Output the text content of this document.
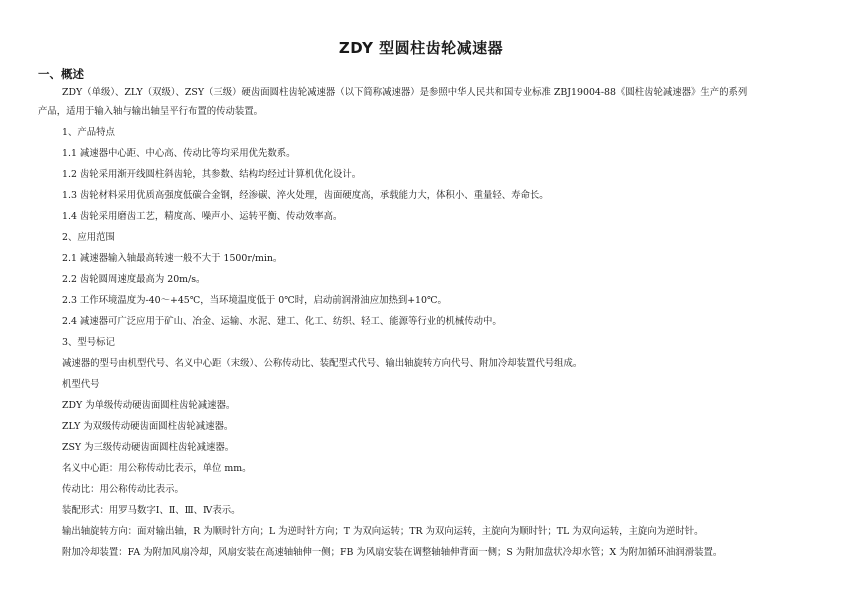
ZDY 型圆柱齿轮减速器
一、概述
ZDY（单级）、ZLY（双级）、ZSY（三级）硬齿面圆柱齿轮减速器（以下简称减速器）是参照中华人民共和国专业标准 ZBJ19004-88《圆柱齿轮减速器》生产的系列
产品，适用于输入轴与输出轴呈平行布置的传动装置。
1、产品特点
1.1 减速器中心距、中心高、传动比等均采用优先数系。
1.2 齿轮采用渐开线圆柱斜齿轮，其参数、结构均经过计算机优化设计。
1.3 齿轮材料采用优质高强度低碳合金钢，经渗碳、淬火处理，齿面硬度高，承载能力大，体积小、重量轻、寿命长。
1.4 齿轮采用磨齿工艺，精度高、噪声小、运转平衡、传动效率高。
2、应用范围
2.1 减速器输入轴最高转速一般不大于 1500r/min。
2.2 齿轮圆周速度最高为 20m/s。
2.3 工作环境温度为-40～+45℃，当环境温度低于 0℃时，启动前润滑油应加热到+10℃。
2.4 减速器可广泛应用于矿山、冶金、运输、水泥、建工、化工、纺织、轻工、能源等行业的机械传动中。
3、型号标记
减速器的型号由机型代号、名义中心距（末级）、公称传动比、装配型式代号、输出轴旋转方向代号、附加冷却装置代号组成。
机型代号
ZDY 为单级传动硬齿面圆柱齿轮减速器。
ZLY 为双级传动硬齿面圆柱齿轮减速器。
ZSY 为三级传动硬齿面圆柱齿轮减速器。
名义中心距：用公称传动比表示，单位 mm。
传动比：用公称传动比表示。
装配形式：用罗马数字Ⅰ、Ⅱ、Ⅲ、Ⅳ表示。
输出轴旋转方向：面对输出轴，R 为顺时针方向；L 为逆时针方向；T 为双向运转；TR 为双向运转，主旋向为顺时针；TL 为双向运转，主旋向为逆时针。
附加冷却装置：FA 为附加风扇冷却，风扇安装在高速轴轴伸一侧；FB 为风扇安装在调整轴轴伸背面一侧；S 为附加盘状冷却水管；X 为附加循环油润滑装置。
